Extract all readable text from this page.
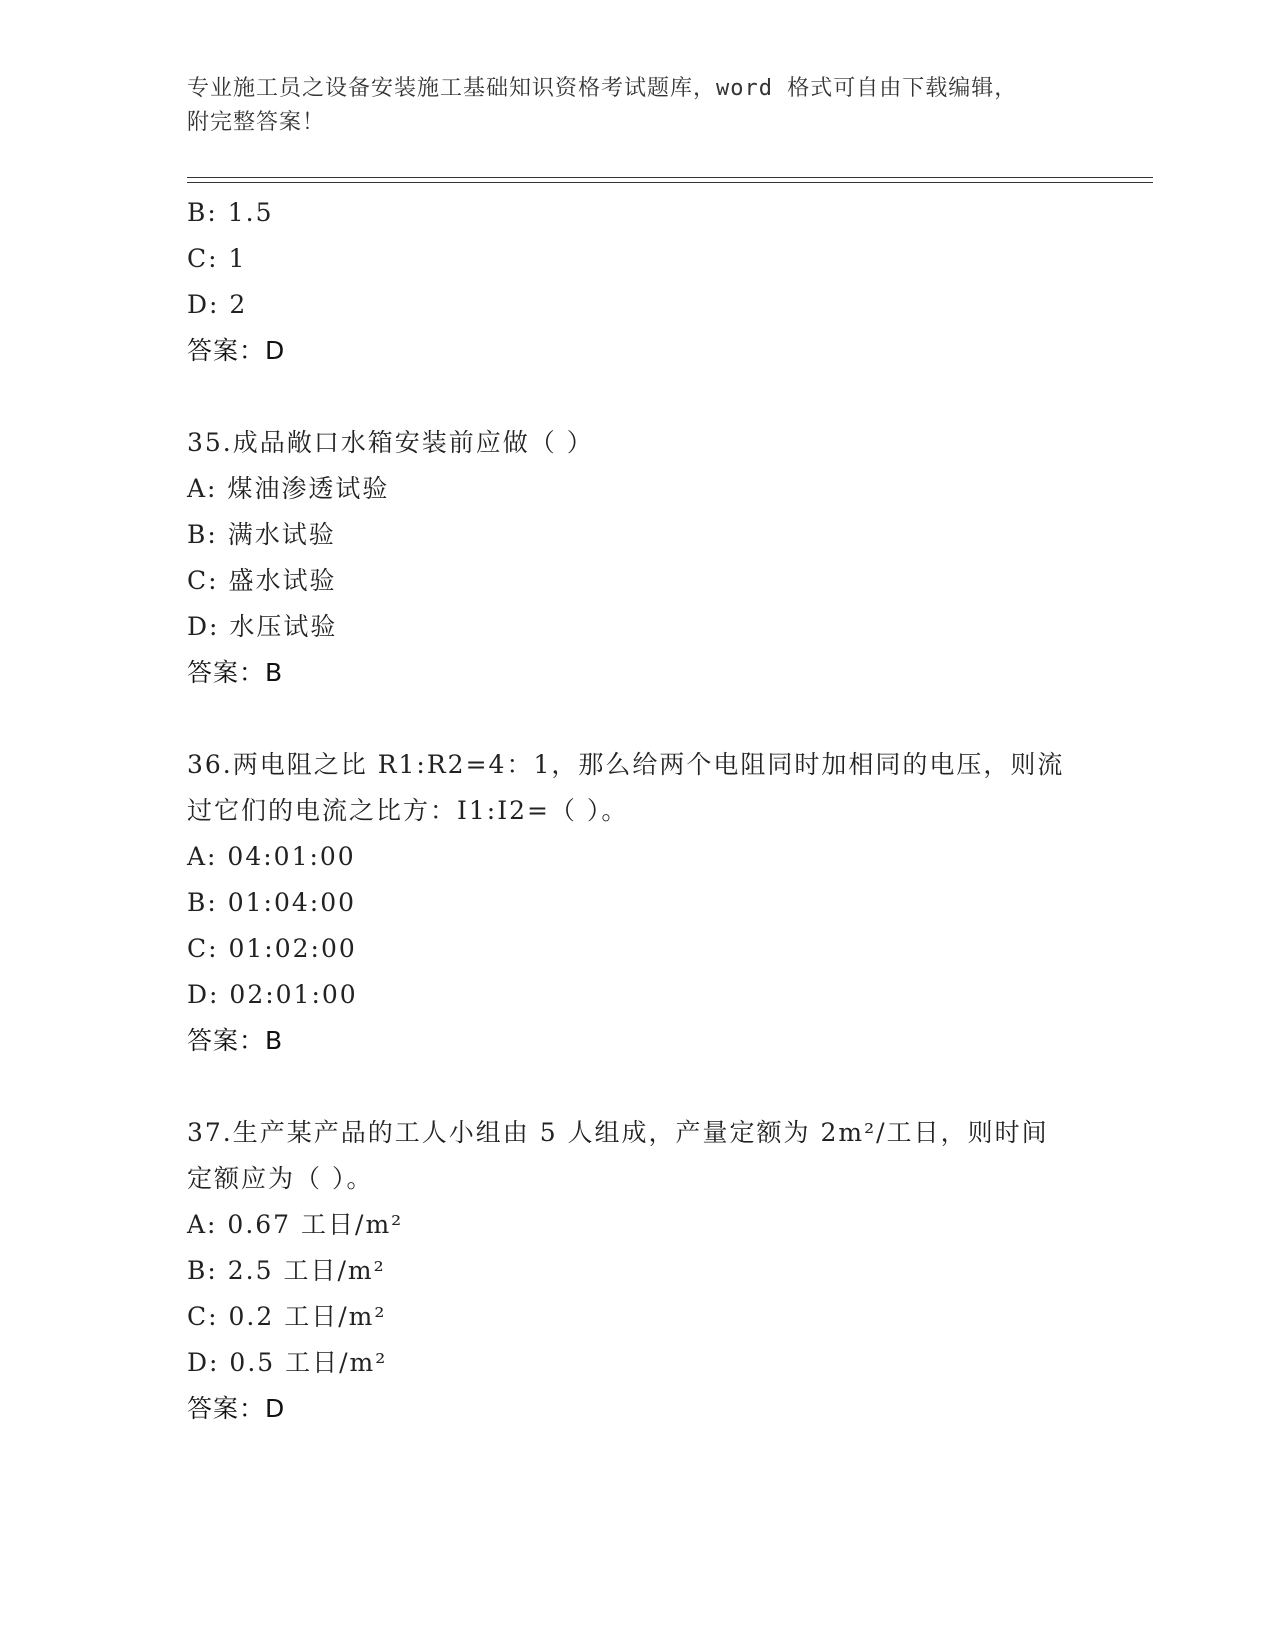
专业施工员之设备安装施工基础知识资格考试题库，word 格式可自由下载编辑，
附完整答案！
B: 1.5
C: 1
D: 2
答案：D
35.成品敞口水箱安装前应做（ ）
A: 煤油渗透试验
B: 满水试验
C: 盛水试验
D: 水压试验
答案：B
36.两电阻之比 R1:R2=4：1，那么给两个电阻同时加相同的电压，则流
过它们的电流之比方：I1:I2=（ ）。
A: 04:01:00
B: 01:04:00
C: 01:02:00
D: 02:01:00
答案：B
37.生产某产品的工人小组由 5 人组成，产量定额为 2m²/工日，则时间
定额应为（ ）。
A: 0.67 工日/m²
B: 2.5 工日/m²
C: 0.2 工日/m²
D: 0.5 工日/m²
答案：D
